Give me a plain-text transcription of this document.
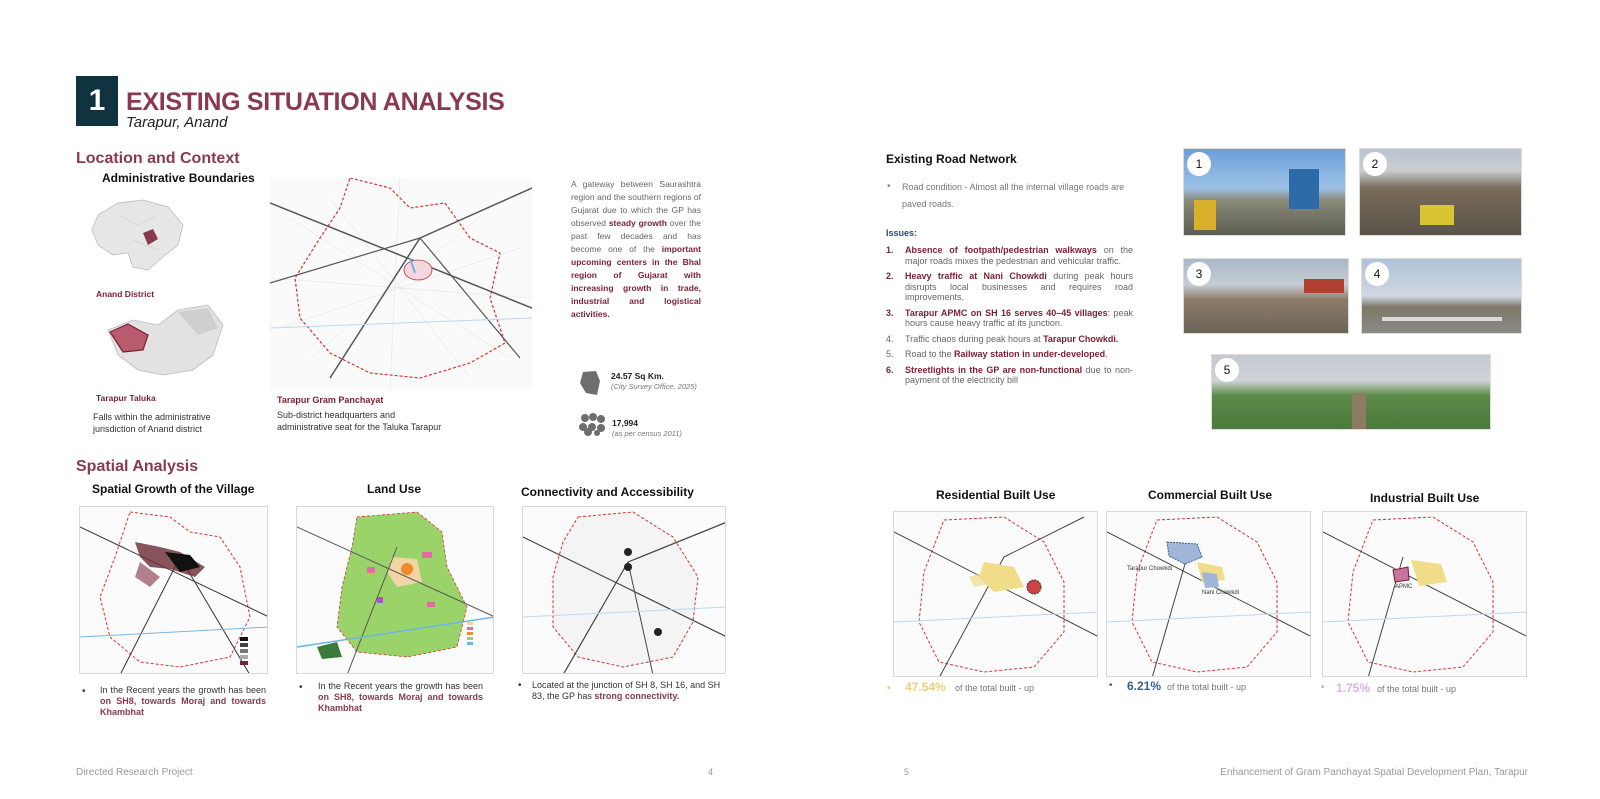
1 EXISTING SITUATION ANALYSIS
Tarapur, Anand
Location and Context
Administrative Boundaries
Anand District
Tarapur Taluka
Falls within the administrative
jurisdiction of Anand district
Tarapur Gram Panchayat
Sub-district headquarters and
administrative seat for the Taluka Tarapur
A gateway between Saurashtra region and the southern regions of Gujarat due to which the GP has observed steady growth over the past few decades and has become one of the important upcoming centers in the Bhal region of Gujarat with increasing growth in trade, industrial and logistical activities.
24.57 Sq Km.
(City Survey Office, 2025)
17,994
(as per census 2011)
Spatial Analysis
Spatial Growth of the Village	Land Use	Connectivity and Accessibility
• In the Recent years the growth has been on SH8, towards Moraj and towards Khambhat
• In the Recent years the growth has been on SH8, towards Moraj and towards Khambhat
• Located at the junction of SH 8, SH 16, and SH 83, the GP has strong connectivity.
Existing Road Network
• Road condition - Almost all the internal village roads are paved roads.
Issues:
1.	Absence of footpath/pedestrian walkways on the major roads mixes the pedestrian and vehicular traffic.
2.	Heavy traffic at Nani Chowkdi during peak hours disrupts local businesses and requires road improvements.
3.	Tarapur APMC on SH 16 serves 40–45 villages: peak hours cause heavy traffic at its junction.
4.	Traffic chaos during peak hours at Tarapur Chowkdi.
5.	Road to the Railway station in under-developed.
6.	Streetlights in the GP are non-functional due to non-payment of the electricity bill
1	2
3	4
5
Residential Built Use	Commercial Built Use	Industrial Built Use
Tarapur Chowkdi
Nani Chowkdi
APMC
• 47.54% of the total built - up	• 6.21% of the total built - up	• 1.75% of the total built - up
Directed Research Project	4	5	Enhancement of Gram Panchayat Spatial Development Plan, Tarapur
